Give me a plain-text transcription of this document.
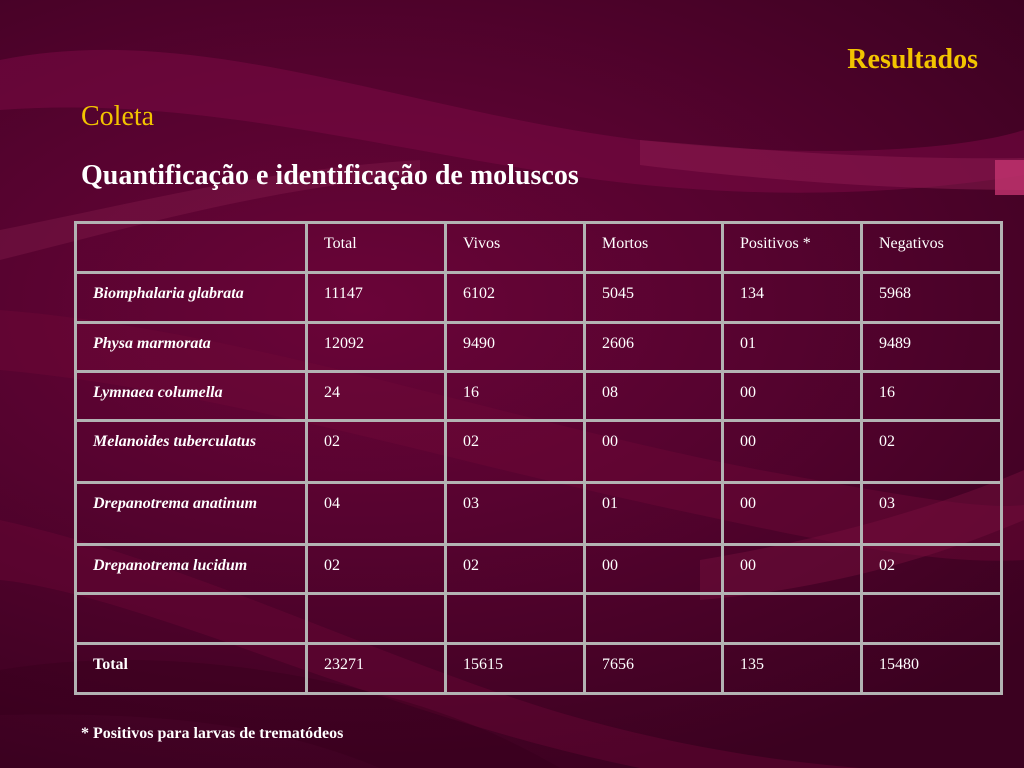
Resultados
Coleta
Quantificação e identificação de moluscos
	Total	Vivos	Mortos	Positivos *	Negativos
Biomphalaria glabrata	11147	6102	5045	134	5968
Physa marmorata	12092	9490	2606	01	9489
Lymnaea columella	24	16	08	00	16
Melanoides tuberculatus	02	02	00	00	02
Drepanotrema anatinum	04	03	01	00	03
Drepanotrema lucidum	02	02	00	00	02

Total	23271	15615	7656	135	15480

* Positivos para larvas de trematódeos
